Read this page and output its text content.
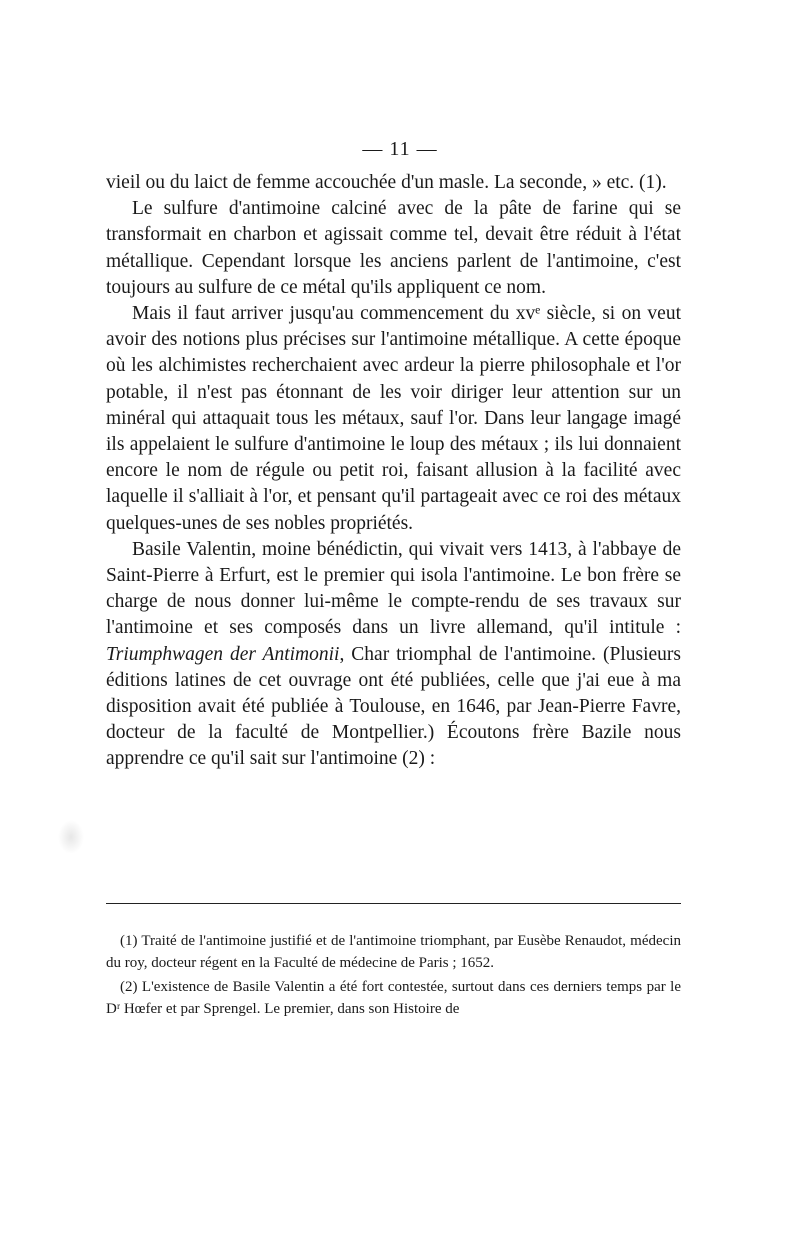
— 11 —

vieil ou du laict de femme accouchée d'un masle. La seconde, » etc. (1).

Le sulfure d'antimoine calciné avec de la pâte de farine qui se transformait en charbon et agissait comme tel, devait être réduit à l'état métallique. Cependant lorsque les anciens parlent de l'antimoine, c'est toujours au sulfure de ce métal qu'ils appliquent ce nom.

Mais il faut arriver jusqu'au commencement du xvᵉ siècle, si on veut avoir des notions plus précises sur l'antimoine métallique. A cette époque où les alchimistes recherchaient avec ardeur la pierre philosophale et l'or potable, il n'est pas étonnant de les voir diriger leur attention sur un minéral qui attaquait tous les métaux, sauf l'or. Dans leur langage imagé ils appelaient le sulfure d'antimoine le loup des métaux ; ils lui donnaient encore le nom de régule ou petit roi, faisant allusion à la facilité avec laquelle il s'alliait à l'or, et pensant qu'il partageait avec ce roi des métaux quelques-unes de ses nobles propriétés.

Basile Valentin, moine bénédictin, qui vivait vers 1413, à l'abbaye de Saint-Pierre à Erfurt, est le premier qui isola l'antimoine. Le bon frère se charge de nous donner lui-même le compte-rendu de ses travaux sur l'antimoine et ses composés dans un livre allemand, qu'il intitule : Triumphwagen der Antimonii, Char triomphal de l'antimoine. (Plusieurs éditions latines de cet ouvrage ont été publiées, celle que j'ai eue à ma disposition avait été publiée à Toulouse, en 1646, par Jean-Pierre Favre, docteur de la faculté de Montpellier.) Écoutons frère Bazile nous apprendre ce qu'il sait sur l'antimoine (2) :

(1) Traité de l'antimoine justifié et de l'antimoine triomphant, par Eusèbe Renaudot, médecin du roy, docteur régent en la Faculté de médecine de Paris ; 1652.

(2) L'existence de Basile Valentin a été fort contestée, surtout dans ces derniers temps par le Dʳ Hœfer et par Sprengel. Le premier, dans son Histoire de
